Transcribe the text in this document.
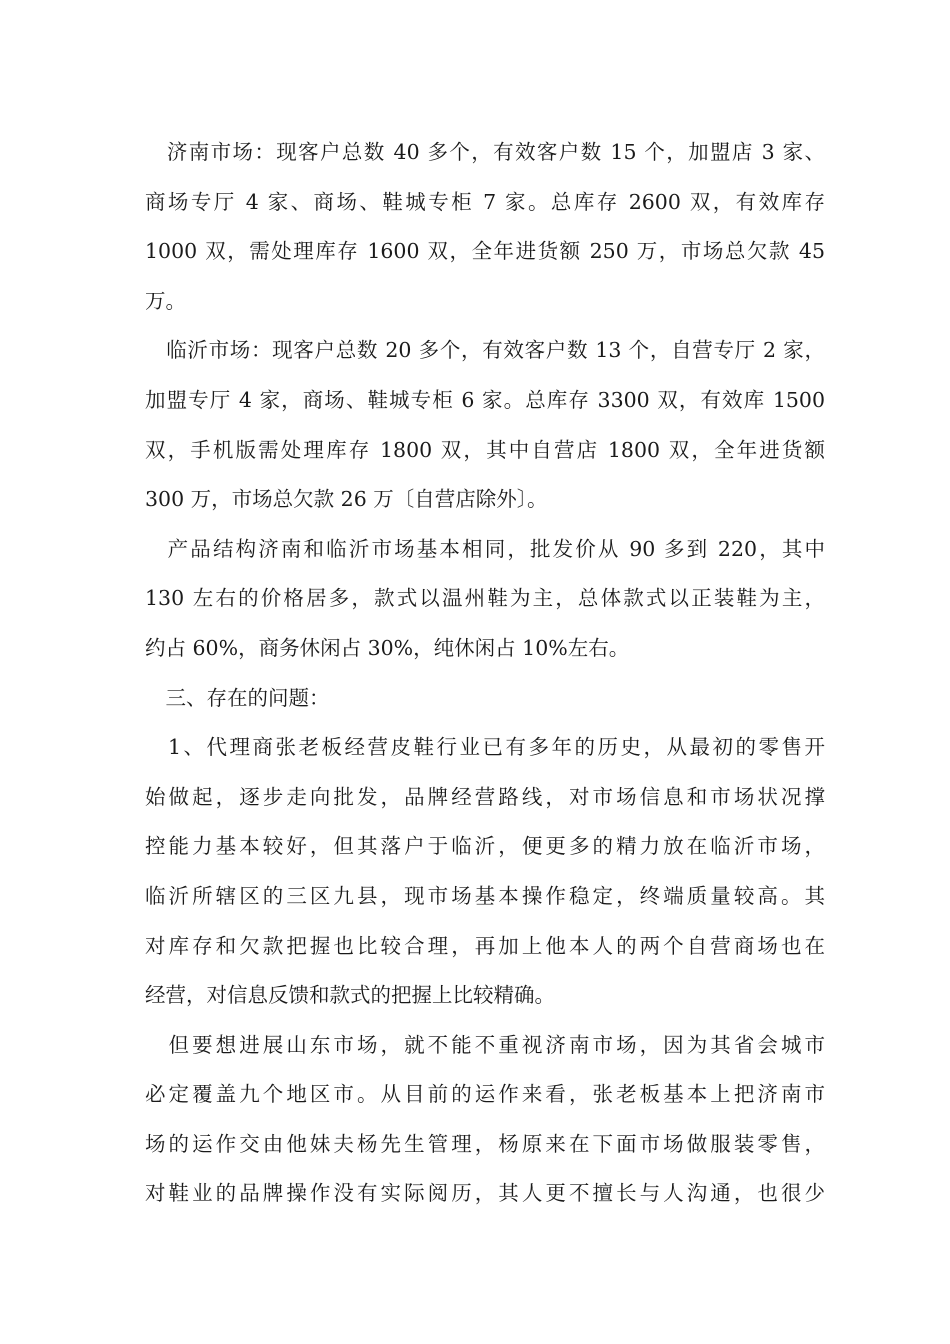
　济南市场：现客户总数 40 多个，有效客户数 15 个，加盟店 3 家、
商场专厅 4 家、商场、鞋城专柜 7 家。总库存 2600 双，有效库存
1000 双，需处理库存 1600 双，全年进货额 250 万，市场总欠款 45
万。
　临沂市场：现客户总数 20 多个，有效客户数 13 个，自营专厅 2 家，
加盟专厅 4 家，商场、鞋城专柜 6 家。总库存 3300 双，有效库 1500
双，手机版需处理库存 1800 双，其中自营店 1800 双，全年进货额
300 万，市场总欠款 26 万〔自营店除外〕。
　产品结构济南和临沂市场基本相同，批发价从 90 多到 220，其中
130 左右的价格居多，款式以温州鞋为主，总体款式以正装鞋为主，
约占 60%，商务休闲占 30%，纯休闲占 10%左右。
　三、存在的问题：
　1、代理商张老板经营皮鞋行业已有多年的历史，从最初的零售开
始做起，逐步走向批发，品牌经营路线，对市场信息和市场状况撑
控能力基本较好，但其落户于临沂，便更多的精力放在临沂市场，
临沂所辖区的三区九县，现市场基本操作稳定，终端质量较高。其
对库存和欠款把握也比较合理，再加上他本人的两个自营商场也在
经营，对信息反馈和款式的把握上比较精确。
　但要想进展山东市场，就不能不重视济南市场，因为其省会城市
必定覆盖九个地区市。从目前的运作来看，张老板基本上把济南市
场的运作交由他妹夫杨先生管理，杨原来在下面市场做服装零售，
对鞋业的品牌操作没有实际阅历，其人更不擅长与人沟通，也很少
